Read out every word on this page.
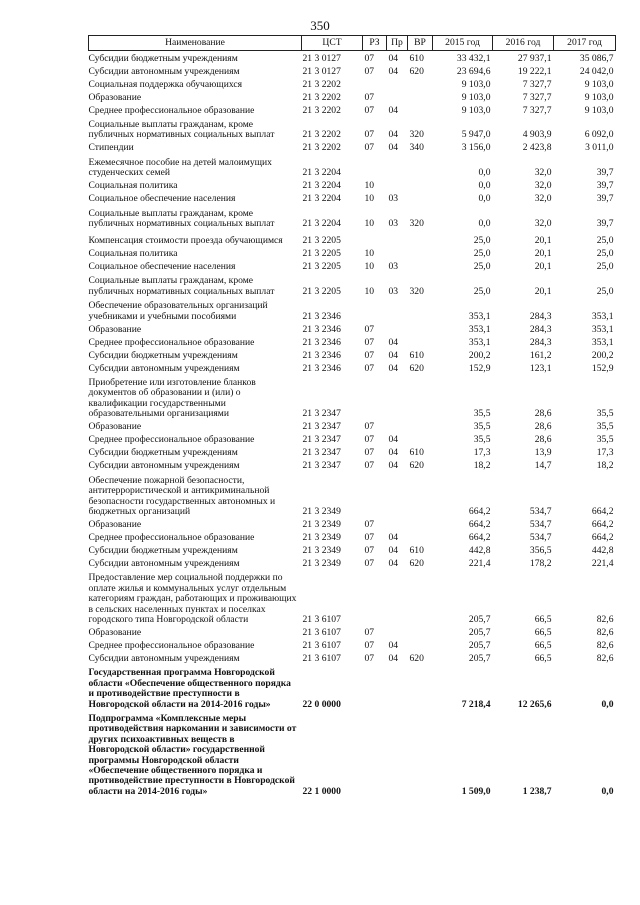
350
Наименование	ЦСТ	РЗ	Пр	ВР	2015 год	2016 год	2017 год
Субсидии бюджетным учреждениям	21 3 0127	07	04	610	33 432,1	27 937,1	35 086,7
Субсидии автономным учреждениям	21 3 0127	07	04	620	23 694,6	19 222,1	24 042,0
Социальная поддержка обучающихся	21 3 2202				9 103,0	7 327,7	9 103,0
Образование	21 3 2202	07			9 103,0	7 327,7	9 103,0
Среднее профессиональное образование	21 3 2202	07	04		9 103,0	7 327,7	9 103,0
Социальные выплаты гражданам, кроме публичных нормативных социальных выплат	21 3 2202	07	04	320	5 947,0	4 903,9	6 092,0
Стипендии	21 3 2202	07	04	340	3 156,0	2 423,8	3 011,0
Ежемесячное пособие на детей малоимущих студенческих семей	21 3 2204				0,0	32,0	39,7
Социальная политика	21 3 2204	10			0,0	32,0	39,7
Социальное обеспечение населения	21 3 2204	10	03		0,0	32,0	39,7
Социальные выплаты гражданам, кроме публичных нормативных социальных выплат	21 3 2204	10	03	320	0,0	32,0	39,7
Компенсация стоимости проезда обучающимся	21 3 2205				25,0	20,1	25,0
Социальная политика	21 3 2205	10			25,0	20,1	25,0
Социальное обеспечение населения	21 3 2205	10	03		25,0	20,1	25,0
Социальные выплаты гражданам, кроме публичных нормативных социальных выплат	21 3 2205	10	03	320	25,0	20,1	25,0
Обеспечение образовательных организаций учебниками и учебными пособиями	21 3 2346				353,1	284,3	353,1
Образование	21 3 2346	07			353,1	284,3	353,1
Среднее профессиональное образование	21 3 2346	07	04		353,1	284,3	353,1
Субсидии бюджетным учреждениям	21 3 2346	07	04	610	200,2	161,2	200,2
Субсидии автономным учреждениям	21 3 2346	07	04	620	152,9	123,1	152,9
Приобретение или изготовление бланков документов об образовании и (или) о квалификации государственными образовательными организациями	21 3 2347				35,5	28,6	35,5
Образование	21 3 2347	07			35,5	28,6	35,5
Среднее профессиональное образование	21 3 2347	07	04		35,5	28,6	35,5
Субсидии бюджетным учреждениям	21 3 2347	07	04	610	17,3	13,9	17,3
Субсидии автономным учреждениям	21 3 2347	07	04	620	18,2	14,7	18,2
Обеспечение пожарной безопасности, антитеррористической и антикриминальной безопасности государственных автономных и бюджетных организаций	21 3 2349				664,2	534,7	664,2
Образование	21 3 2349	07			664,2	534,7	664,2
Среднее профессиональное образование	21 3 2349	07	04		664,2	534,7	664,2
Субсидии бюджетным учреждениям	21 3 2349	07	04	610	442,8	356,5	442,8
Субсидии автономным учреждениям	21 3 2349	07	04	620	221,4	178,2	221,4
Предоставление мер социальной поддержки по оплате жилья и коммунальных услуг отдельным категориям граждан, работающих и проживающих в сельских населенных пунктах и поселках городского типа Новгородской области	21 3 6107				205,7	66,5	82,6
Образование	21 3 6107	07			205,7	66,5	82,6
Среднее профессиональное образование	21 3 6107	07	04		205,7	66,5	82,6
Субсидии автономным учреждениям	21 3 6107	07	04	620	205,7	66,5	82,6
Государственная программа Новгородской области «Обеспечение общественного порядка и противодействие преступности в Новгородской области на 2014-2016 годы»	22 0 0000				7 218,4	12 265,6	0,0
Подпрограмма «Комплексные меры противодействия наркомании и зависимости от других психоактивных веществ в Новгородской области» государственной программы Новгородской области «Обеспечение общественного порядка и противодействие преступности в Новгородской области на 2014-2016 годы»	22 1 0000				1 509,0	1 238,7	0,0
